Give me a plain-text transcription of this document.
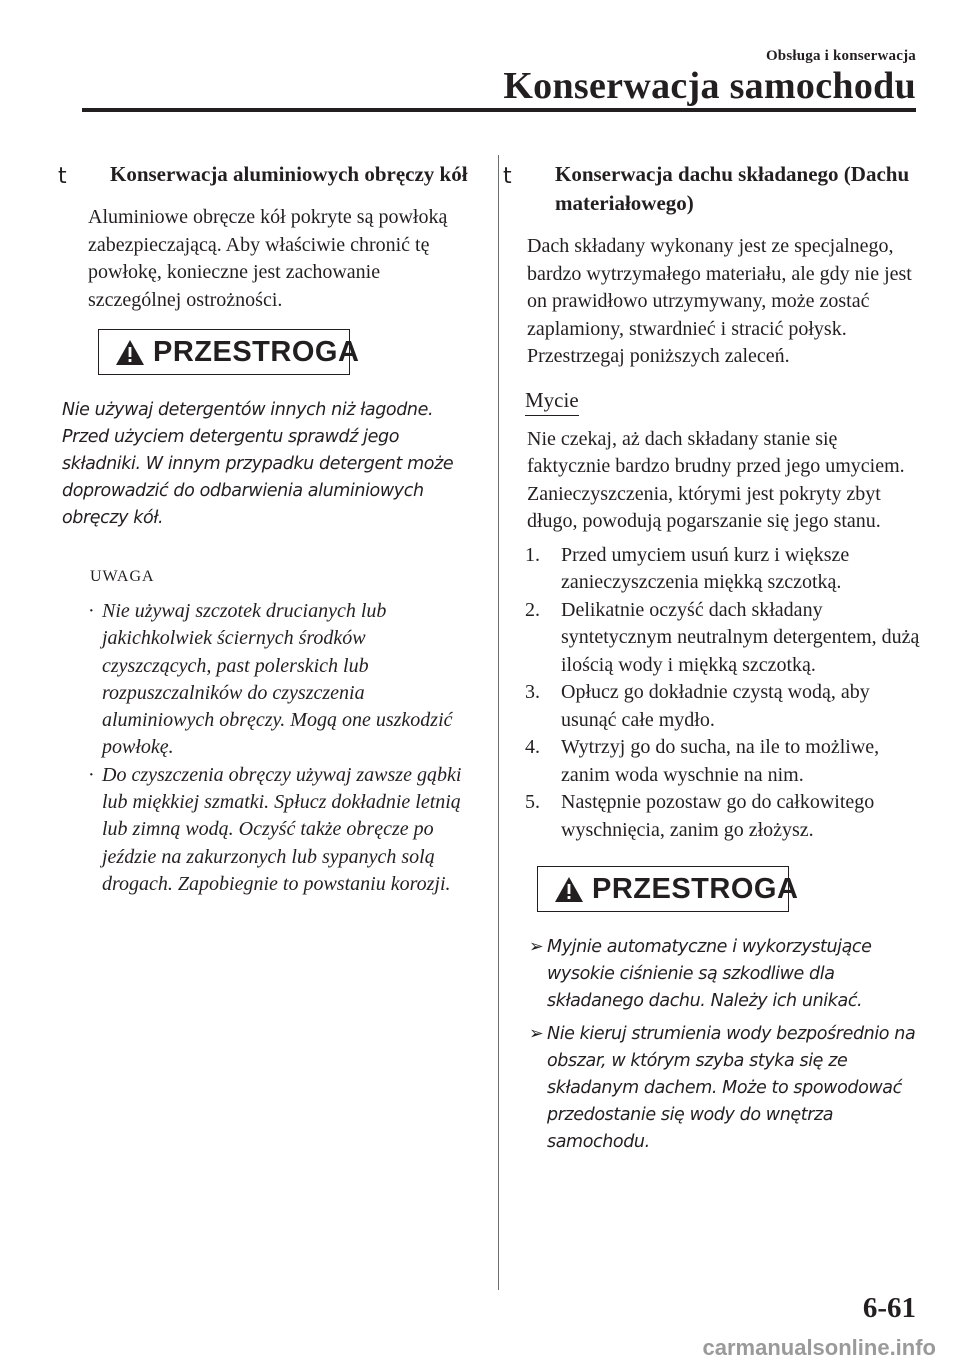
Obsługa i konserwacja
Konserwacja samochodu
t Konserwacja aluminiowych obręczy kół
Aluminiowe obręcze kół pokryte są powłoką zabezpieczającą. Aby właściwie chronić tę powłokę, konieczne jest zachowanie szczególnej ostrożności.
PRZESTROGA
Nie używaj detergentów innych niż łagodne. Przed użyciem detergentu sprawdź jego składniki. W innym przypadku detergent może doprowadzić do odbarwienia aluminiowych obręczy kół.
UWAGA
· Nie używaj szczotek drucianych lub jakichkolwiek ściernych środków czyszczących, past polerskich lub rozpuszczalników do czyszczenia aluminiowych obręczy. Mogą one uszkodzić powłokę.
· Do czyszczenia obręczy używaj zawsze gąbki lub miękkiej szmatki. Spłucz dokładnie letnią lub zimną wodą. Oczyść także obręcze po jeździe na zakurzonych lub sypanych solą drogach. Zapobiegnie to powstaniu korozji.
t Konserwacja dachu składanego (Dachu materiałowego)
Dach składany wykonany jest ze specjalnego, bardzo wytrzymałego materiału, ale gdy nie jest on prawidłowo utrzymywany, może zostać zaplamiony, stwardnieć i stracić połysk. Przestrzegaj poniższych zaleceń.
Mycie
Nie czekaj, aż dach składany stanie się faktycznie bardzo brudny przed jego umyciem. Zanieczyszczenia, którymi jest pokryty zbyt długo, powodują pogarszanie się jego stanu.
1. Przed umyciem usuń kurz i większe zanieczyszczenia miękką szczotką.
2. Delikatnie oczyść dach składany syntetycznym neutralnym detergentem, dużą ilością wody i miękką szczotką.
3. Opłucz go dokładnie czystą wodą, aby usunąć całe mydło.
4. Wytrzyj go do sucha, na ile to możliwe, zanim woda wyschnie na nim.
5. Następnie pozostaw go do całkowitego wyschnięcia, zanim go złożysz.
PRZESTROGA
➢ Myjnie automatyczne i wykorzystujące wysokie ciśnienie są szkodliwe dla składanego dachu. Należy ich unikać.
➢ Nie kieruj strumienia wody bezpośrednio na obszar, w którym szyba styka się ze składanym dachem. Może to spowodować przedostanie się wody do wnętrza samochodu.
6-61
carmanualsonline.info
